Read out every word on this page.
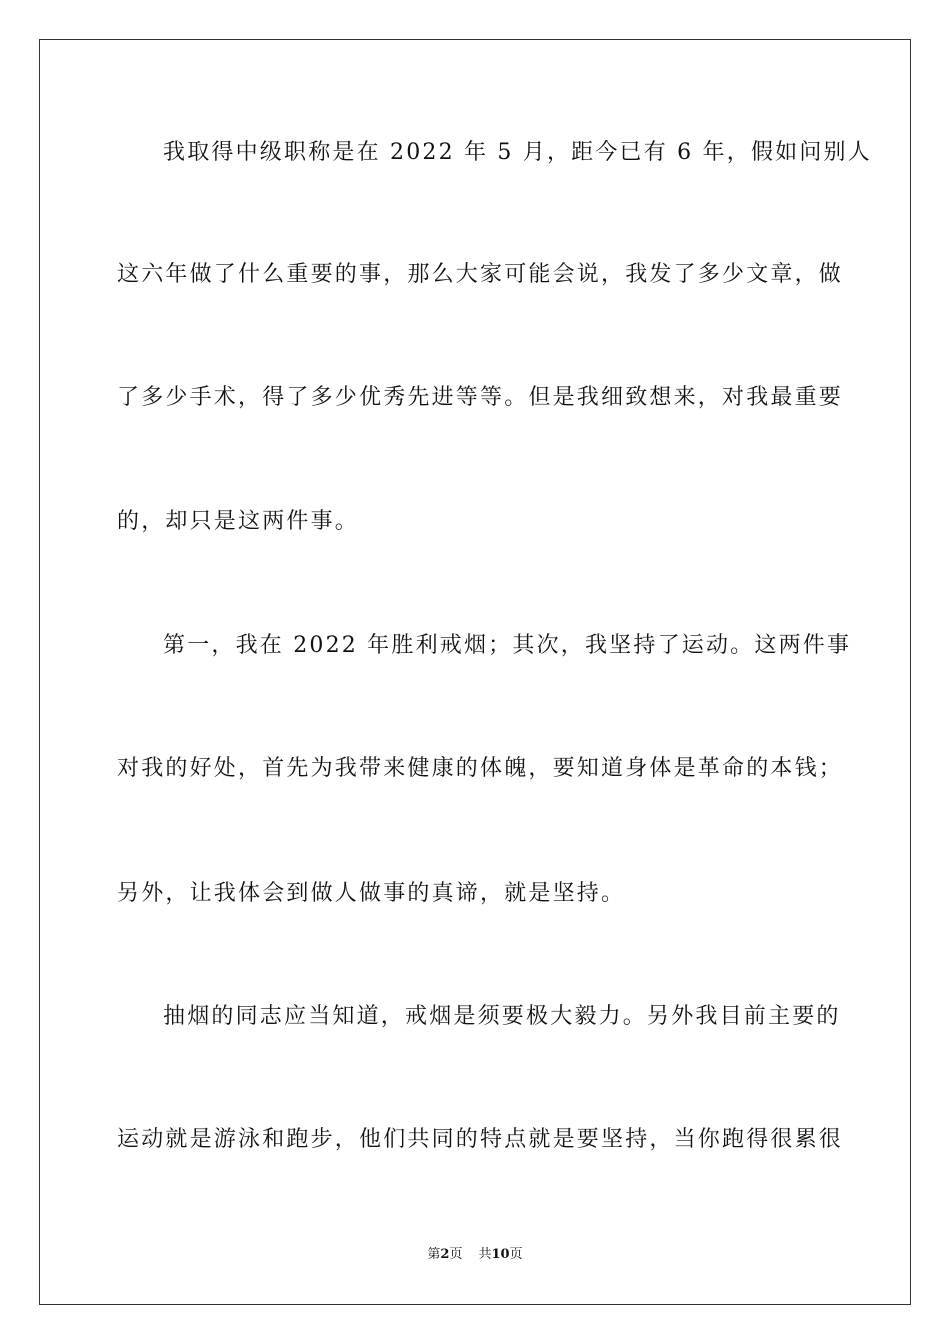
我取得中级职称是在 2022 年 5 月，距今已有 6 年，假如问别人
这六年做了什么重要的事，那么大家可能会说，我发了多少文章，做
了多少手术，得了多少优秀先进等等。但是我细致想来，对我最重要
的，却只是这两件事。
第一，我在 2022 年胜利戒烟；其次，我坚持了运动。这两件事
对我的好处，首先为我带来健康的体魄，要知道身体是革命的本钱；
另外，让我体会到做人做事的真谛，就是坚持。
抽烟的同志应当知道，戒烟是须要极大毅力。另外我目前主要的
运动就是游泳和跑步，他们共同的特点就是要坚持，当你跑得很累很
第2页 共10页
